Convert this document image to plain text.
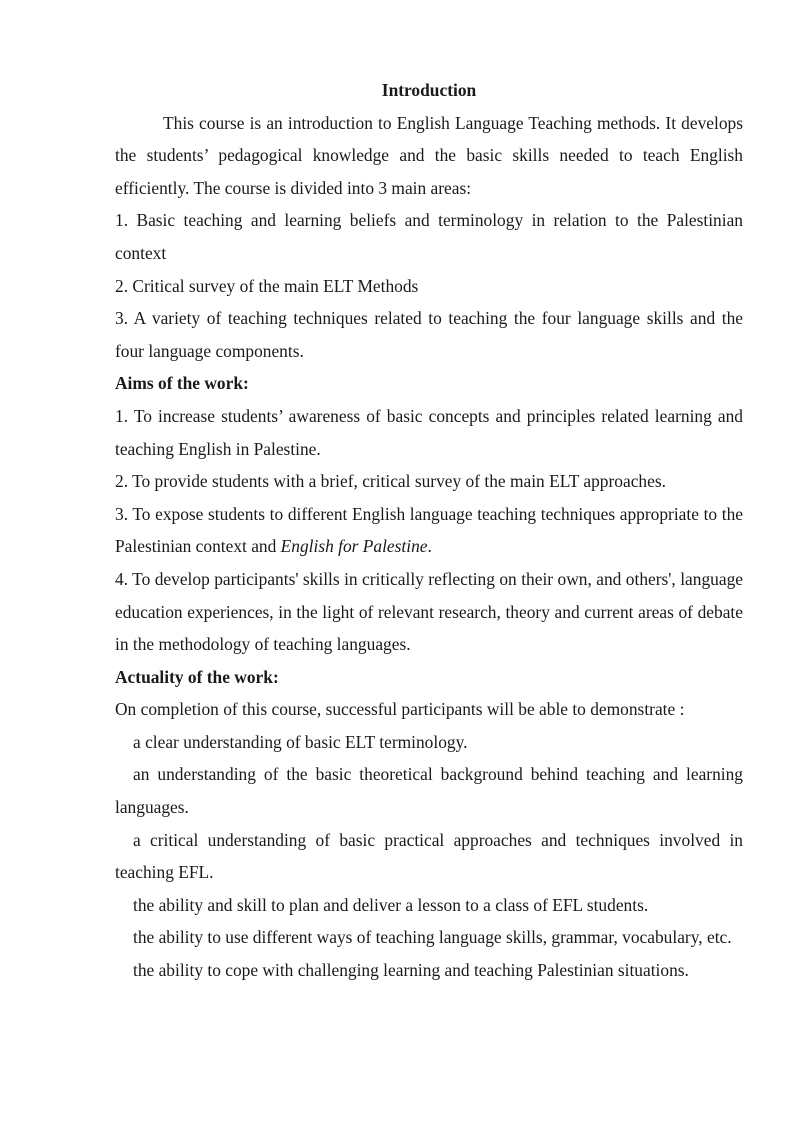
Introduction

This course is an introduction to English Language Teaching methods. It develops the students’ pedagogical knowledge and the basic skills needed to teach English efficiently. The course is divided into 3 main areas:

1. Basic teaching and learning beliefs and terminology in relation to the Palestinian context

2. Critical survey of the main ELT Methods

3. A variety of teaching techniques related to teaching the four language skills and the four language components.

Aims of the work:

1. To increase students’ awareness of basic concepts and principles related learning and teaching English in Palestine.

2. To provide students with a brief, critical survey of the main ELT approaches.

3. To expose students to different English language teaching techniques appropriate to the Palestinian context and English for Palestine.

4. To develop participants' skills in critically reflecting on their own, and others', language education experiences, in the light of relevant research, theory and current areas of debate in the methodology of teaching languages.

Actuality of the work:

On completion of this course, successful participants will be able to demonstrate :

a clear understanding of basic ELT terminology.

an understanding of the basic theoretical background behind teaching and learning languages.

a critical understanding of basic practical approaches and techniques involved in teaching EFL.

the ability and skill to plan and deliver a lesson to a class of EFL students.

the ability to use different ways of teaching language skills, grammar, vocabulary, etc.

the ability to cope with challenging learning and teaching Palestinian situations.
